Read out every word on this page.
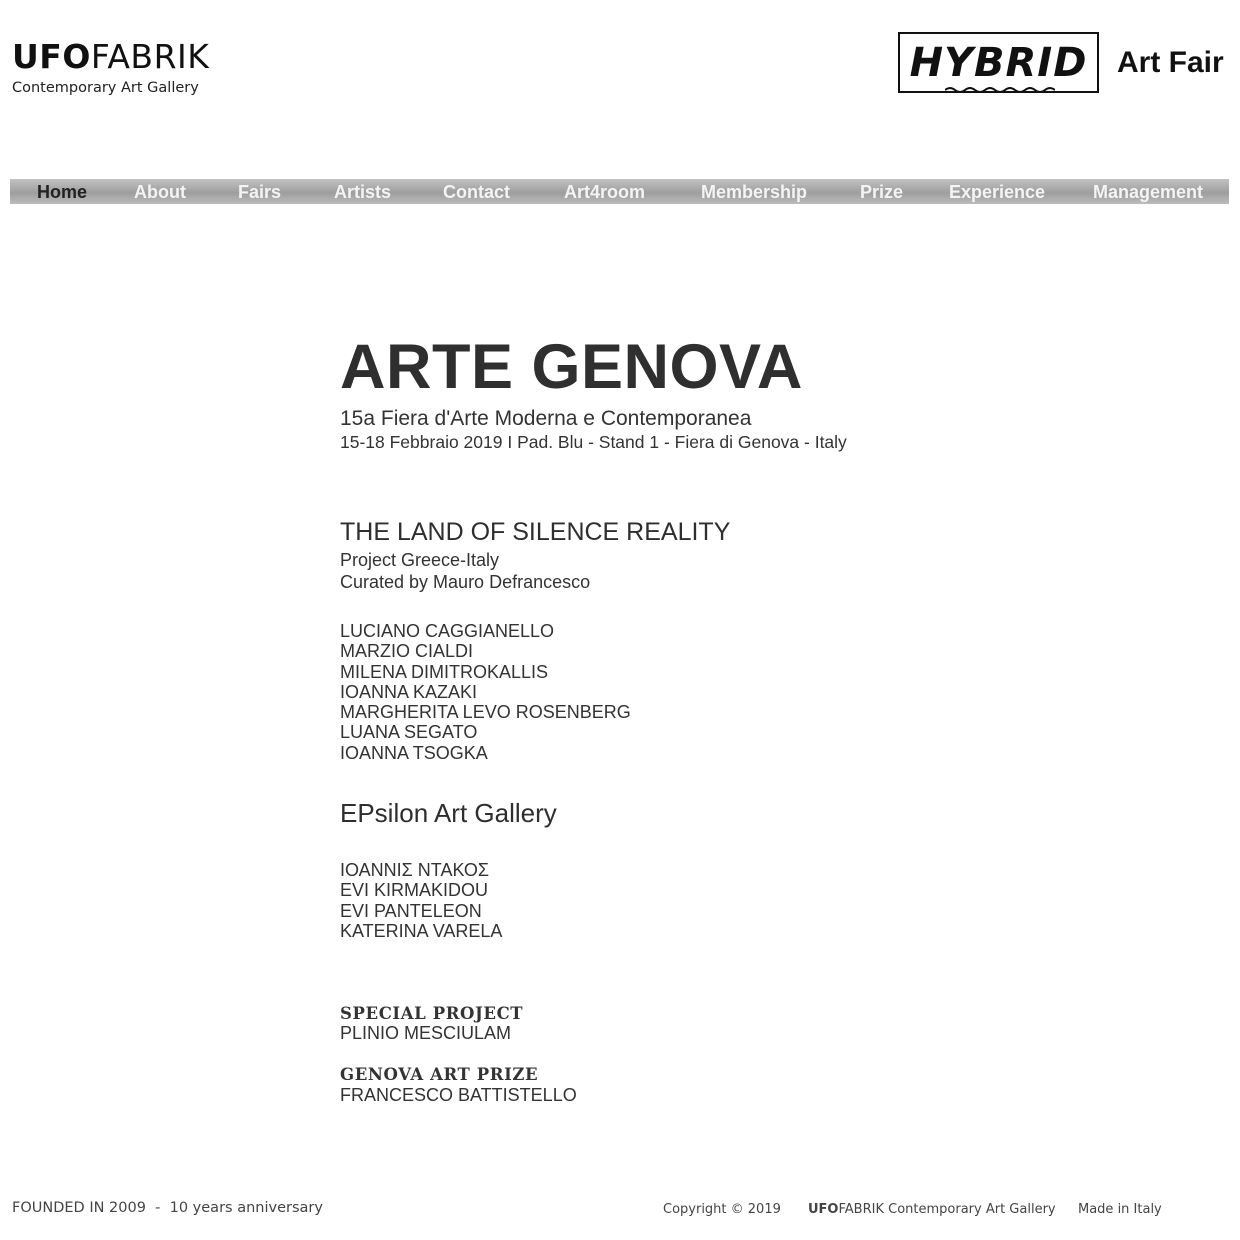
UFOFABRIK
Contemporary Art Gallery
HYBRID Art Fair
Home	About	Fairs	Artists	Contact	Art4room	Membership	Prize	Experience	Management
ARTE GENOVA
15a Fiera d'Arte Moderna e Contemporanea
15-18 Febbraio 2019 I Pad. Blu - Stand 1 - Fiera di Genova - Italy
THE LAND OF SILENCE REALITY
Project Greece-Italy
Curated by Mauro Defrancesco
LUCIANO CAGGIANELLO
MARZIO CIALDI
MILENA DIMITROKALLIS
IOANNA KAZAKI
MARGHERITA LEVO ROSENBERG
LUANA SEGATO
IOANNA TSOGKA
EPsilon Art Gallery
ΙΟΑΝΝΙΣ ΝΤΑΚΟΣ
EVI KIRMAKIDOU
EVI PANTELEON
KATERINA VARELA
SPECIAL PROJECT
PLINIO MESCIULAM
GENOVA ART PRIZE
FRANCESCO BATTISTELLO
FOUNDED IN 2009  -  10 years anniversary	Copyright © 2019 UFOFABRIK Contemporary Art Gallery Made in Italy
